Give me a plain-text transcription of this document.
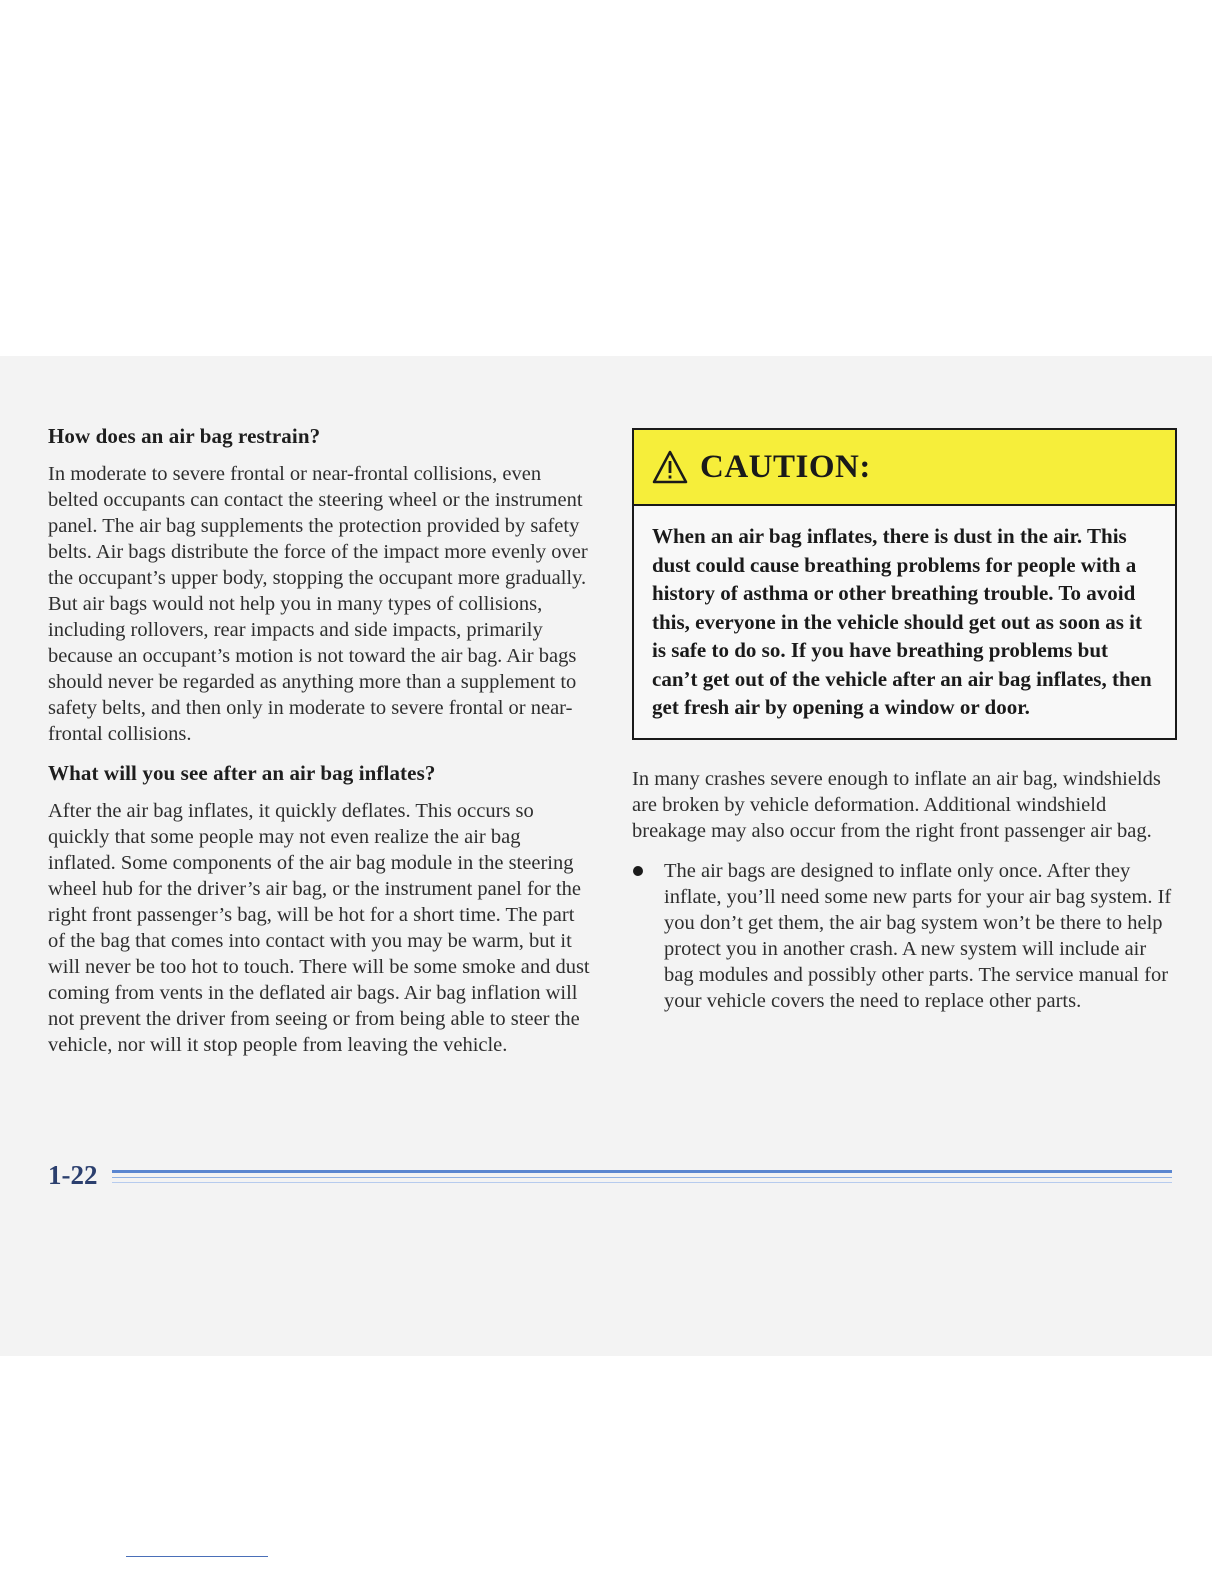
How does an air bag restrain?

In moderate to severe frontal or near-frontal collisions, even belted occupants can contact the steering wheel or the instrument panel. The air bag supplements the protection provided by safety belts. Air bags distribute the force of the impact more evenly over the occupant’s upper body, stopping the occupant more gradually. But air bags would not help you in many types of collisions, including rollovers, rear impacts and side impacts, primarily because an occupant’s motion is not toward the air bag. Air bags should never be regarded as anything more than a supplement to safety belts, and then only in moderate to severe frontal or near-frontal collisions.

What will you see after an air bag inflates?

After the air bag inflates, it quickly deflates. This occurs so quickly that some people may not even realize the air bag inflated. Some components of the air bag module in the steering wheel hub for the driver’s air bag, or the instrument panel for the right front passenger’s bag, will be hot for a short time. The part of the bag that comes into contact with you may be warm, but it will never be too hot to touch. There will be some smoke and dust coming from vents in the deflated air bags. Air bag inflation will not prevent the driver from seeing or from being able to steer the vehicle, nor will it stop people from leaving the vehicle.

CAUTION:
When an air bag inflates, there is dust in the air. This dust could cause breathing problems for people with a history of asthma or other breathing trouble. To avoid this, everyone in the vehicle should get out as soon as it is safe to do so. If you have breathing problems but can’t get out of the vehicle after an air bag inflates, then get fresh air by opening a window or door.

In many crashes severe enough to inflate an air bag, windshields are broken by vehicle deformation. Additional windshield breakage may also occur from the right front passenger air bag.

The air bags are designed to inflate only once. After they inflate, you’ll need some new parts for your air bag system. If you don’t get them, the air bag system won’t be there to help protect you in another crash. A new system will include air bag modules and possibly other parts. The service manual for your vehicle covers the need to replace other parts.
1-22
